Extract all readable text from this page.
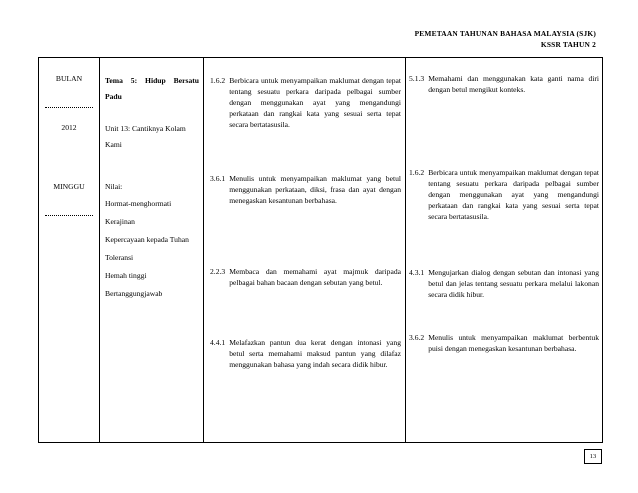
PEMETAAN TAHUNAN BAHASA MALAYSIA (SJK)
KSSR TAHUN 2
BULAN
2012
MINGGU

Tema 5: Hidup Bersatu Padu

Unit 13: Cantiknya Kolam Kami

Nilai:

Hormat-menghormati

Kerajinan

Kepercayaan kepada Tuhan

Toleransi

Hemah tinggi

Bertanggungjawab

1.6.2 Berbicara untuk menyampaikan maklumat dengan tepat tentang sesuatu perkara daripada pelbagai sumber dengan menggunakan ayat yang mengandungi perkataan dan rangkai kata yang sesuai serta tepat secara bertatasusila.
3.6.1 Menulis untuk menyampaikan maklumat yang betul menggunakan perkataan, diksi, frasa dan ayat dengan menegaskan kesantunan berbahasa.
2.2.3 Membaca dan memahami ayat majmuk daripada pelbagai bahan bacaan dengan sebutan yang betul.
4.4.1 Melafazkan pantun dua kerat dengan intonasi yang betul serta memahami maksud pantun yang dilafaz menggunakan bahasa yang indah secara didik hibur.
5.1.3 Memahami dan menggunakan kata ganti nama diri dengan betul mengikut konteks.
1.6.2 Berbicara untuk menyampaikan maklumat dengan tepat tentang sesuatu perkara daripada pelbagai sumber dengan menggunakan ayat yang mengandungi perkataan dan rangkai kata yang sesuai serta tepat secara bertatasusila.
4.3.1 Mengujarkan dialog dengan sebutan dan intonasi yang betul dan jelas tentang sesuatu perkara melalui lakonan secara didik hibur.
3.6.2 Menulis untuk menyampaikan maklumat berbentuk puisi dengan menegaskan kesantunan berbahasa.
13
